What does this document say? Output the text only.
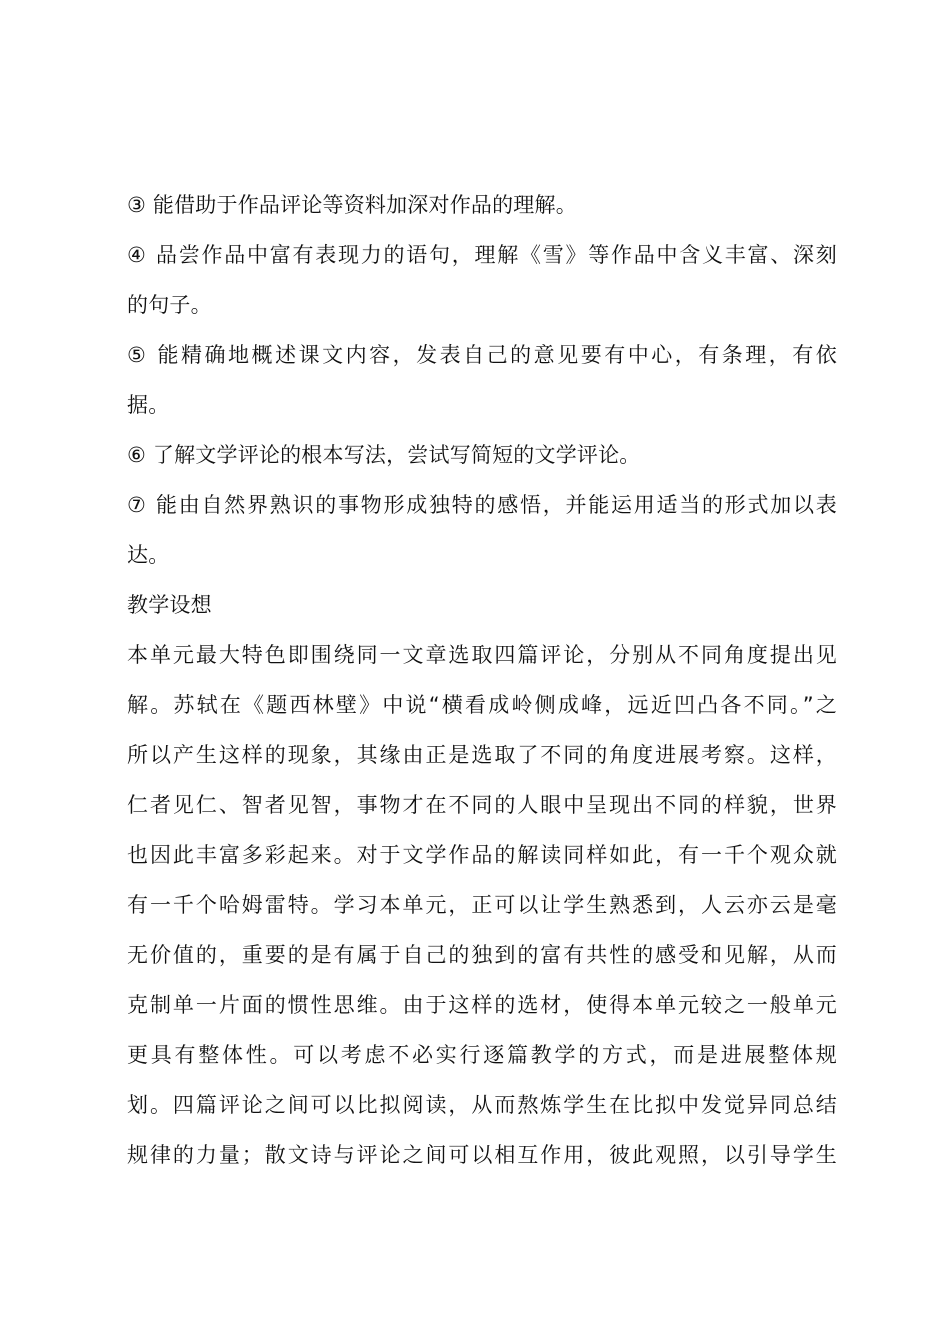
③ 能借助于作品评论等资料加深对作品的理解。
④ 品尝作品中富有表现力的语句，理解《雪》等作品中含义丰富、深刻
的句子。
⑤ 能精确地概述课文内容，发表自己的意见要有中心，有条理，有依
据。
⑥ 了解文学评论的根本写法，尝试写简短的文学评论。
⑦ 能由自然界熟识的事物形成独特的感悟，并能运用适当的形式加以表
达。
教学设想
本单元最大特色即围绕同一文章选取四篇评论，分别从不同角度提出见
解。苏轼在《题西林壁》中说“横看成岭侧成峰，远近凹凸各不同。”之
所以产生这样的现象，其缘由正是选取了不同的角度进展考察。这样，
仁者见仁、智者见智，事物才在不同的人眼中呈现出不同的样貌，世界
也因此丰富多彩起来。对于文学作品的解读同样如此，有一千个观众就
有一千个哈姆雷特。学习本单元，正可以让学生熟悉到，人云亦云是毫
无价值的，重要的是有属于自己的独到的富有共性的感受和见解，从而
克制单一片面的惯性思维。由于这样的选材，使得本单元较之一般单元
更具有整体性。可以考虑不必实行逐篇教学的方式，而是进展整体规
划。四篇评论之间可以比拟阅读，从而熬炼学生在比拟中发觉异同总结
规律的力量；散文诗与评论之间可以相互作用，彼此观照，以引导学生
